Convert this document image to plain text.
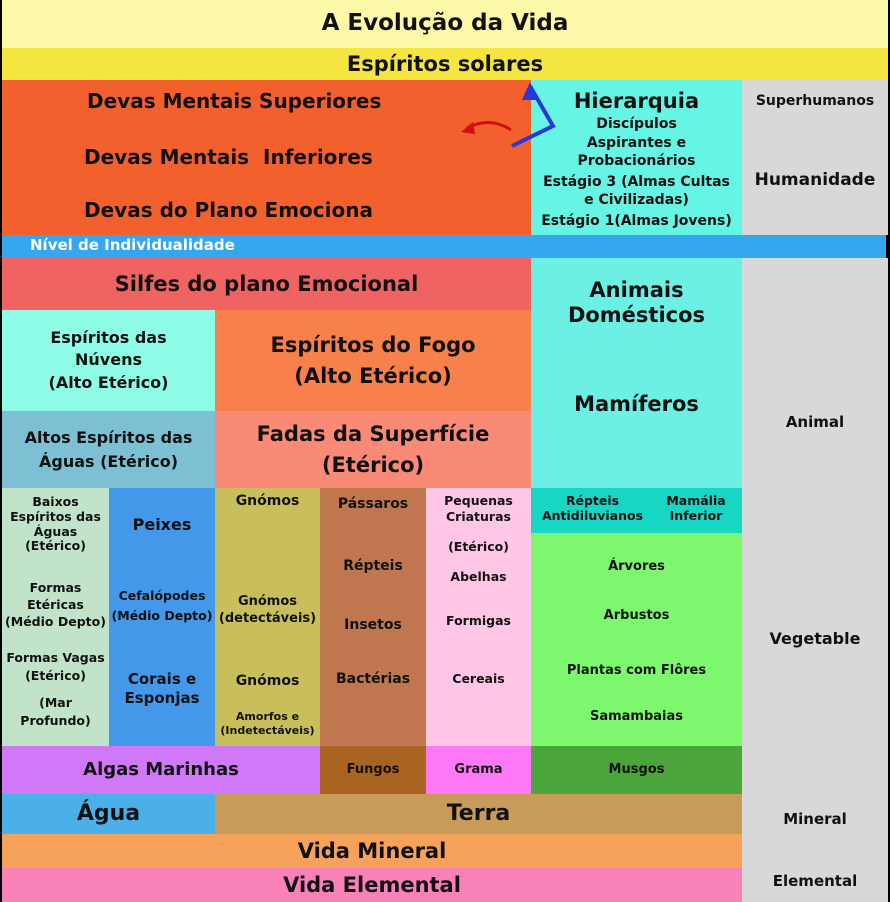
A Evolução da Vida
Espíritos solares
Devas Mentais Superiores
Devas Mentais  Inferiores
Devas do Plano Emociona
Hierarquia
Discípulos
Aspirantes e
Probacionários
Estágio 3 (Almas Cultas
e Civilizadas)
Estágio 1(Almas Jovens)
Superhumanos
Humanidade
Animal
Vegetable
Mineral
Elemental
Nível de Individualidade
Silfes do plano Emocional	Animais
Domésticos
Mamíferos
Espíritos das
Núvens
(Alto Etérico)
Espíritos do Fogo
(Alto Etérico)
Altos Espíritos das
Águas (Etérico)
Fadas da Superfície
(Etérico)
Baixos
Espíritos das
Águas
(Etérico)
Formas
Etéricas
(Médio Depto)
Formas Vagas
(Etérico)
(Mar
Profundo)
Peixes
Cefalópodes
(Médio Depto)
Corais e
Esponjas
Gnómos
Gnómos
(detectáveis)
Gnómos
Amorfos e
(Indetectáveis)
Pássaros
Répteis
Insetos
Bactérias
Pequenas
Criaturas
(Etérico)
Abelhas
Formigas
Cereais
Répteis
Antidiluvianos
Mamália
Inferior
Árvores
Arbustos
Plantas com Flôres
Samambaias
Algas Marinhas	Fungos	Grama	Musgos
Água	Terra
Vida Mineral
Vida Elemental
